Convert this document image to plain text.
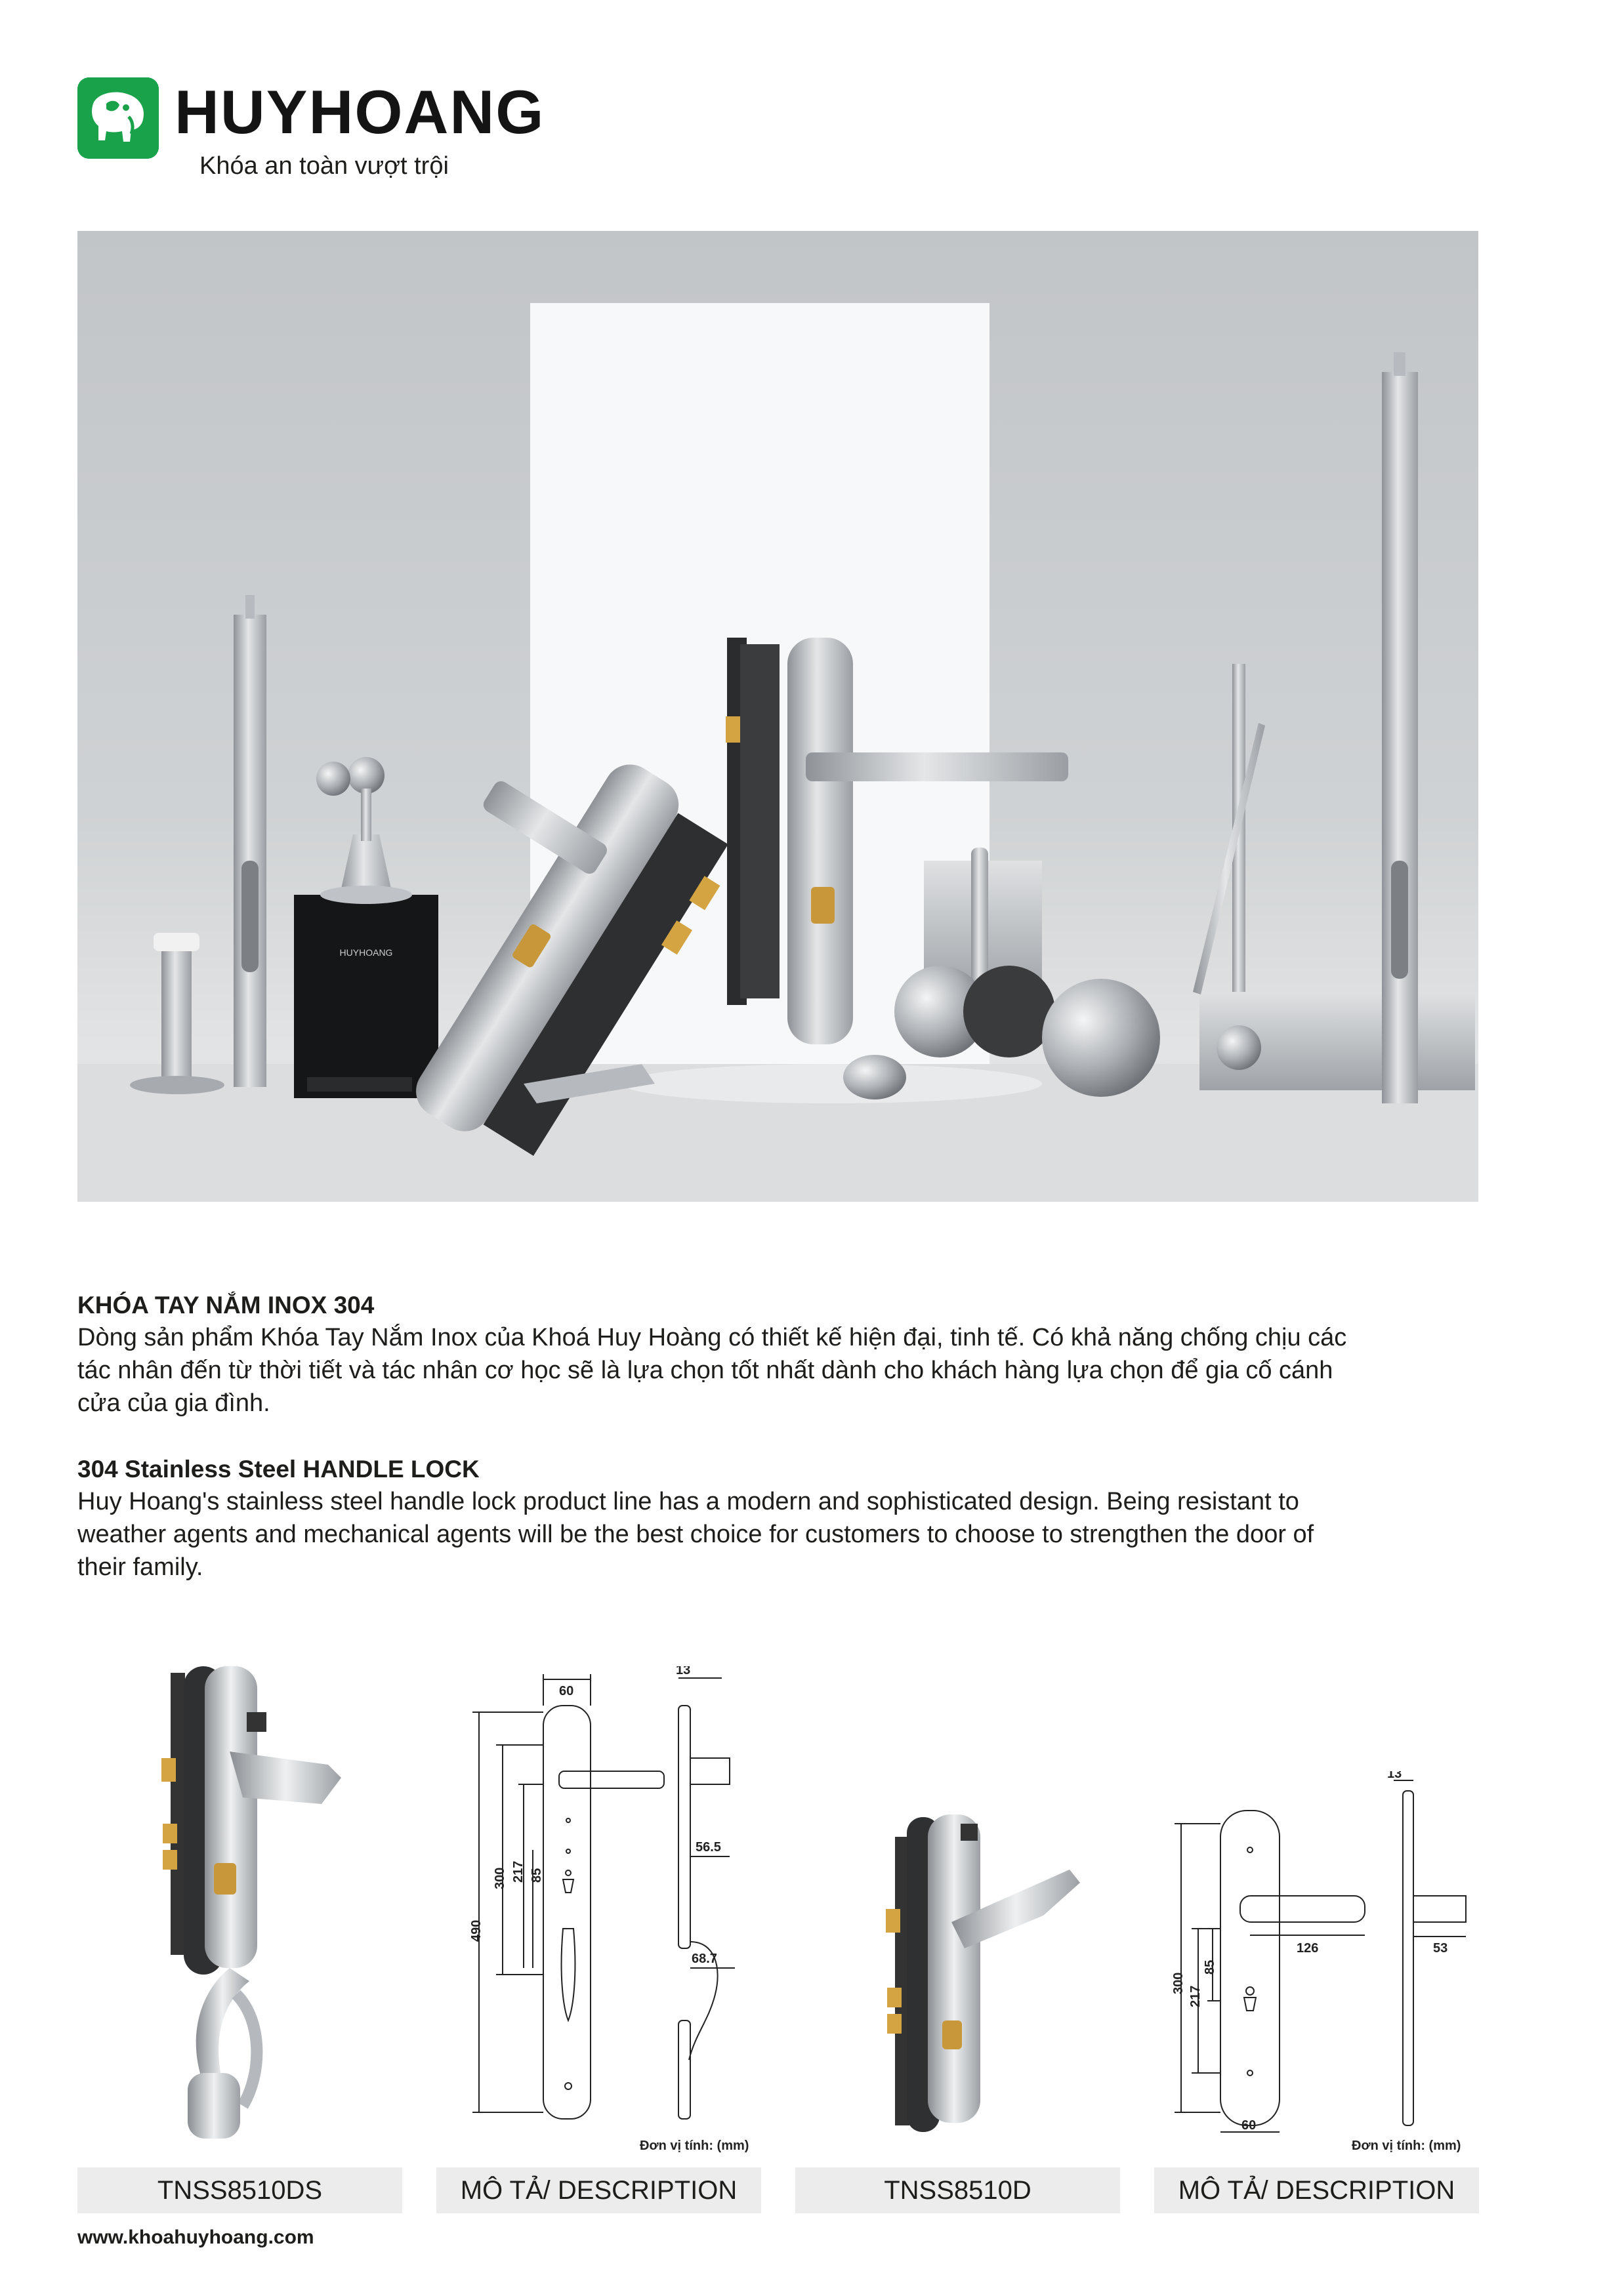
HUYHOANG
Khóa an toàn vượt trội
HUYHOANG
KHÓA TAY NẮM INOX 304
Dòng sản phẩm Khóa Tay Nắm Inox của Khoá Huy Hoàng có thiết kế hiện đại, tinh tế. Có khả năng chống chịu các
tác nhân đến từ thời tiết và tác nhân cơ học sẽ là lựa chọn tốt nhất dành cho khách hàng lựa chọn để gia cố cánh
cửa của gia đình.
304 Stainless Steel HANDLE LOCK
Huy Hoang's stainless steel handle lock product line has a modern and sophisticated design. Being resistant to
weather agents and mechanical agents will be the best choice for customers to choose to strengthen the door of
their family.
60
13
300 217 85
490
56.5
68.7
Đơn vị tính: (mm)
13
300
217
85
126	53
60
Đơn vị tính: (mm)
TNSS8510DS	MÔ TẢ/ DESCRIPTION	TNSS8510D	MÔ TẢ/ DESCRIPTION
www.khoahuyhoang.com
